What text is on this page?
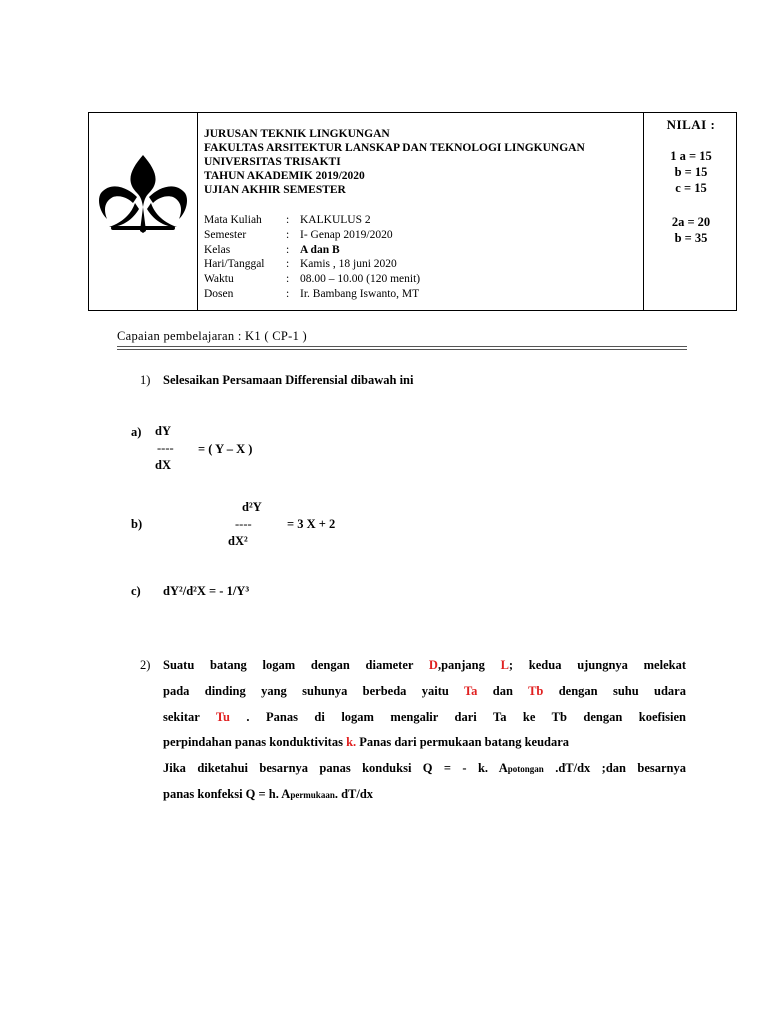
JURUSAN TEKNIK LINGKUNGAN
FAKULTAS ARSITEKTUR LANSKAP DAN TEKNOLOGI LINGKUNGAN
UNIVERSITAS TRISAKTI
TAHUN AKADEMIK 2019/2020
UJIAN AKHIR SEMESTER
Mata Kuliah : KALKULUS 2
Semester	: I- Genap 2019/2020
Kelas	: A dan B
Hari/Tanggal : Kamis , 18 juni 2020
Waktu	: 08.00 – 10.00 (120 menit)
Dosen	: Ir. Bambang Iswanto, MT
NILAI :
1 a = 15
b = 15
c = 15
2a = 20
b = 35
Capaian pembelajaran : K1 ( CP-1 )
1) Selesaikan Persamaan Differensial dibawah ini
a) dY
---- = ( Y – X )
dX
d²Y
b)	----	= 3 X + 2
dX²
c) dY²/d²X = - 1/Y³
2) Suatu batang logam dengan diameter D,panjang L; kedua ujungnya melekat
pada dinding yang suhunya berbeda yaitu Ta dan Tb dengan suhu udara
sekitar Tu . Panas di logam mengalir dari Ta ke Tb dengan koefisien
perpindahan panas konduktivitas k. Panas dari permukaan batang keudara
Jika diketahui besarnya panas konduksi Q = - k. Apotongan .dT/dx ;dan besarnya
panas konfeksi Q = h. Apermukaan. dT/dx
